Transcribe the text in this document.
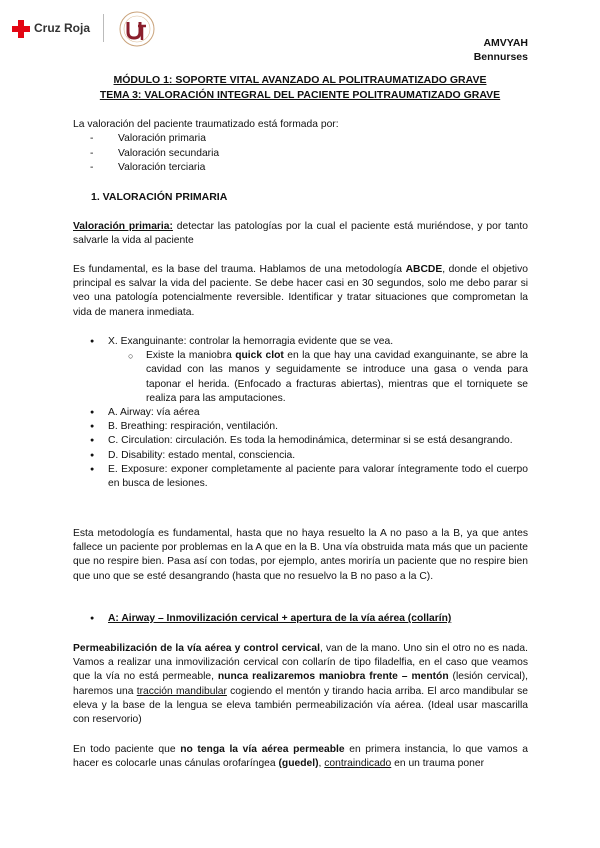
Cruz Roja
AMVYAH
Bennurses
MÓDULO 1: SOPORTE VITAL AVANZADO AL POLITRAUMATIZADO GRAVE
TEMA 3: VALORACIÓN INTEGRAL DEL PACIENTE POLITRAUMATIZADO GRAVE
La valoración del paciente traumatizado está formada por:
- Valoración primaria
- Valoración secundaria
- Valoración terciaria
1. VALORACIÓN PRIMARIA
Valoración primaria: detectar las patologías por la cual el paciente está muriéndose, y por tanto salvarle la vida al paciente
Es fundamental, es la base del trauma. Hablamos de una metodología ABCDE, donde el objetivo principal es salvar la vida del paciente. Se debe hacer casi en 30 segundos, solo me debo parar si veo una patología potencialmente reversible. Identificar y tratar situaciones que comprometan la vida de manera inmediata.
● X. Exanguinante: controlar la hemorragia evidente que se vea.
○ Existe la maniobra quick clot en la que hay una cavidad exanguinante, se abre la cavidad con las manos y seguidamente se introduce una gasa o venda para taponar el herida. (Enfocado a fracturas abiertas), mientras que el torniquete se realiza para las amputaciones.
● A. Airway: vía aérea
● B. Breathing: respiración, ventilación.
● C. Circulation: circulación. Es toda la hemodinámica, determinar si se está desangrando.
● D. Disability: estado mental, consciencia.
● E. Exposure: exponer completamente al paciente para valorar íntegramente todo el cuerpo en busca de lesiones.
Esta metodología es fundamental, hasta que no haya resuelto la A no paso a la B, ya que antes fallece un paciente por problemas en la A que en la B. Una vía obstruida mata más que un paciente que no respire bien. Pasa así con todas, por ejemplo, antes moriría un paciente que no respire bien que uno que se esté desangrando (hasta que no resuelvo la B no paso a la C).
● A: Airway – Inmovilización cervical + apertura de la vía aérea (collarín)
Permeabilización de la vía aérea y control cervical, van de la mano. Uno sin el otro no es nada. Vamos a realizar una inmovilización cervical con collarín de tipo filadelfia, en el caso que veamos que la vía no está permeable, nunca realizaremos maniobra frente – mentón (lesión cervical), haremos una tracción mandibular cogiendo el mentón y tirando hacia arriba. El arco mandibular se eleva y la base de la lengua se eleva también permeabilización vía aérea. (Ideal usar mascarilla con reservorio)
En todo paciente que no tenga la vía aérea permeable en primera instancia, lo que vamos a hacer es colocarle unas cánulas orofaríngea (guedel), contraindicado en un trauma poner
